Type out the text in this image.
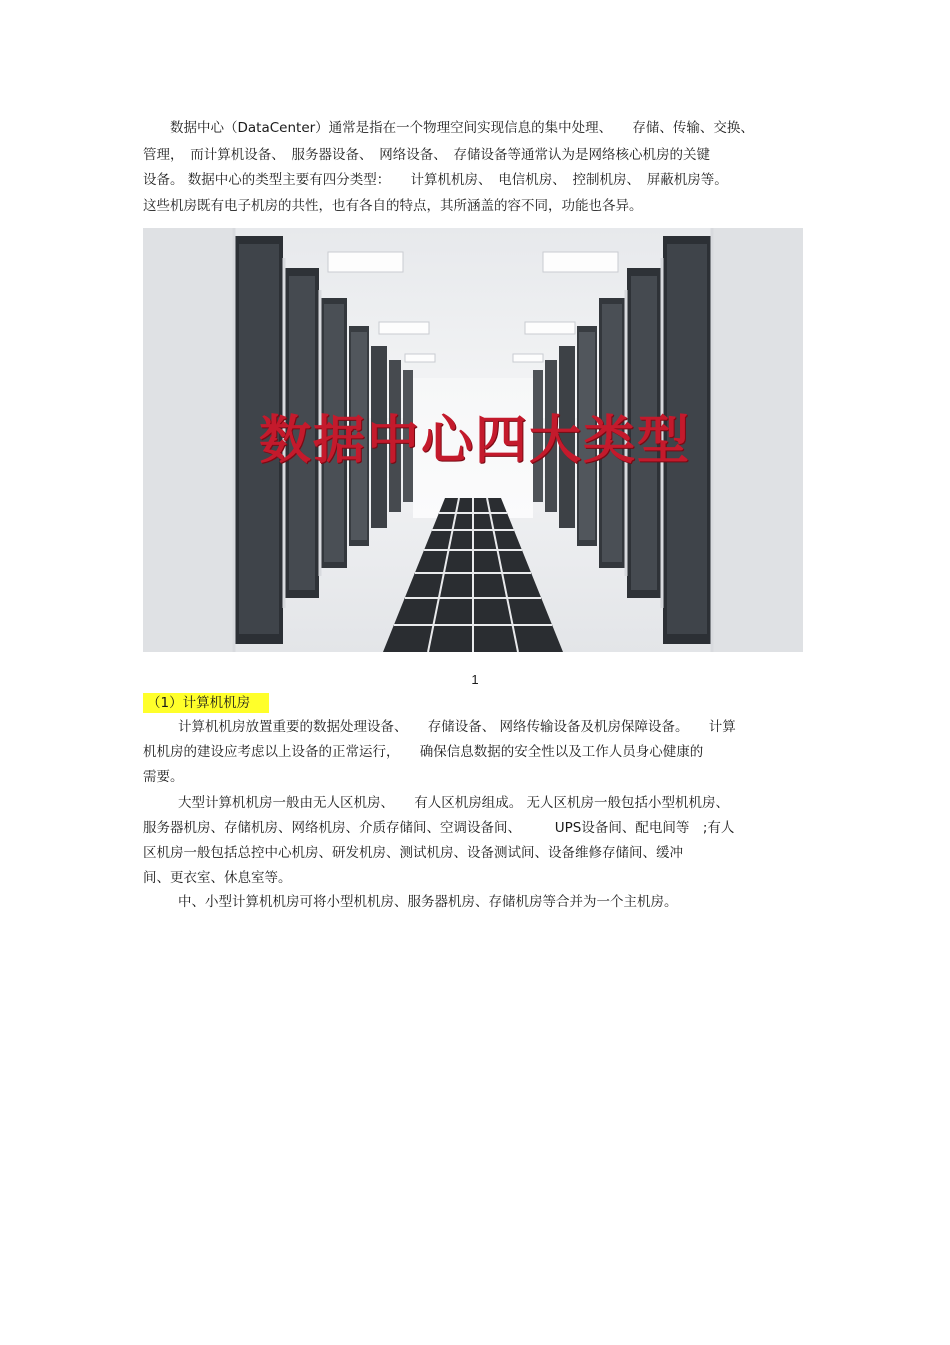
数据中心（DataCenter）通常是指在一个物理空间实现信息的集中处理、　　存储、传输、交换、
管理，　而计算机设备、　服务器设备、　网络设备、　存储设备等通常认为是网络核心机房的关键
设备。 数据中心的类型主要有四分类型：　　计算机机房、　电信机房、　控制机房、　屏蔽机房等。
这些机房既有电子机房的共性，也有各自的特点，其所涵盖的容不同，功能也各异。
数据中心四大类型
1
（1）计算机机房
计算机机房放置重要的数据处理设备、　　存储设备、 网络传输设备及机房保障设备。　　计算
机机房的建设应考虑以上设备的正常运行，　　确保信息数据的安全性以及工作人员身心健康的
需要。
大型计算机机房一般由无人区机房、　　有人区机房组成。 无人区机房一般包括小型机机房、
服务器机房、存储机房、网络机房、介质存储间、空调设备间、　　　UPS设备间、配电间等　;有人
区机房一般包括总控中心机房、研发机房、测试机房、设备测试间、设备维修存储间、缓冲
间、更衣室、休息室等。
中、小型计算机机房可将小型机机房、服务器机房、存储机房等合并为一个主机房。
